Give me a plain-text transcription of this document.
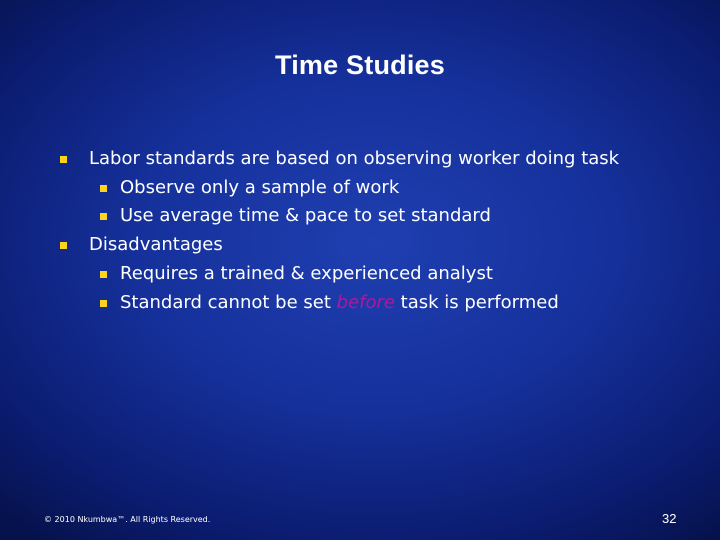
Time Studies
Labor standards are based on observing worker doing task
Observe only a sample of work
Use average time & pace to set standard
Disadvantages
Requires a trained & experienced analyst
Standard cannot be set before task is performed
© 2010 Nkumbwa™. All Rights Reserved.	32
